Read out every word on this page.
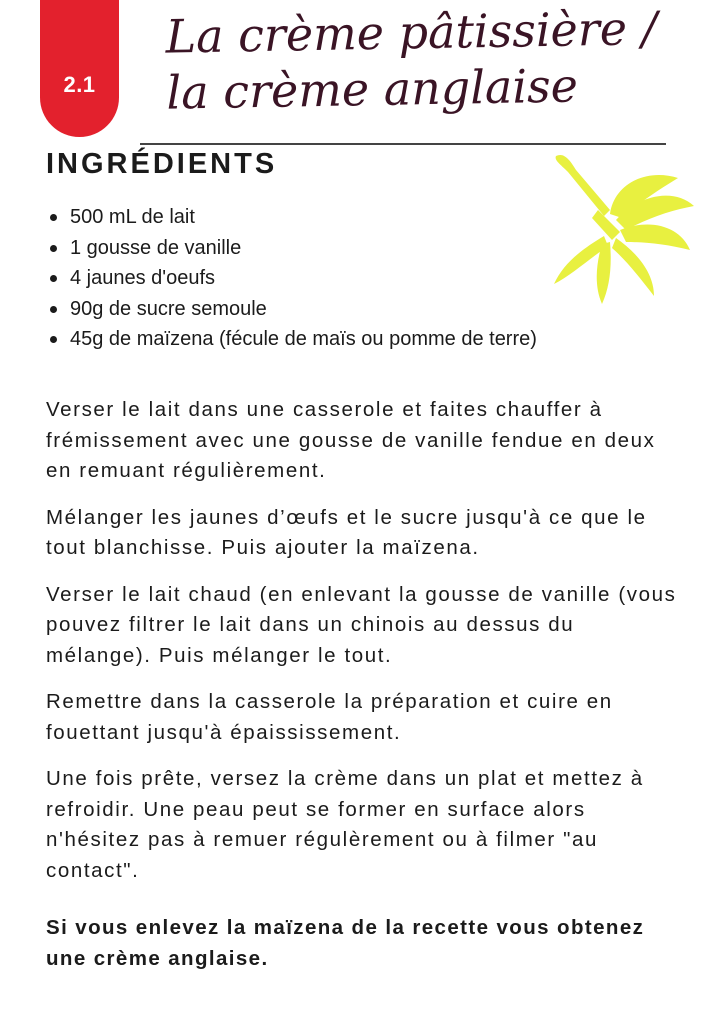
2.1
La crème pâtissière /
la crème anglaise
INGRÉDIENTS
500 mL de lait
1 gousse de vanille
4 jaunes d'oeufs
90g de sucre semoule
45g de maïzena (fécule de maïs ou pomme de terre)

Verser le lait dans une casserole et faites chauffer à frémissement avec une gousse de vanille fendue en deux en remuant régulièrement.

Mélanger les jaunes d’œufs et le sucre jusqu'à ce que le tout blanchisse. Puis ajouter la maïzena.

Verser le lait chaud (en enlevant la gousse de vanille (vous pouvez filtrer le lait dans un chinois au dessus du mélange). Puis mélanger le tout.

Remettre dans la casserole la préparation et cuire en fouettant jusqu'à épaississement.

Une fois prête, versez la crème dans un plat et mettez à refroidir. Une peau peut se former en surface alors n'hésitez pas à remuer régulèrement ou à filmer "au contact".

Si vous enlevez la maïzena de la recette vous obtenez une crème anglaise.
